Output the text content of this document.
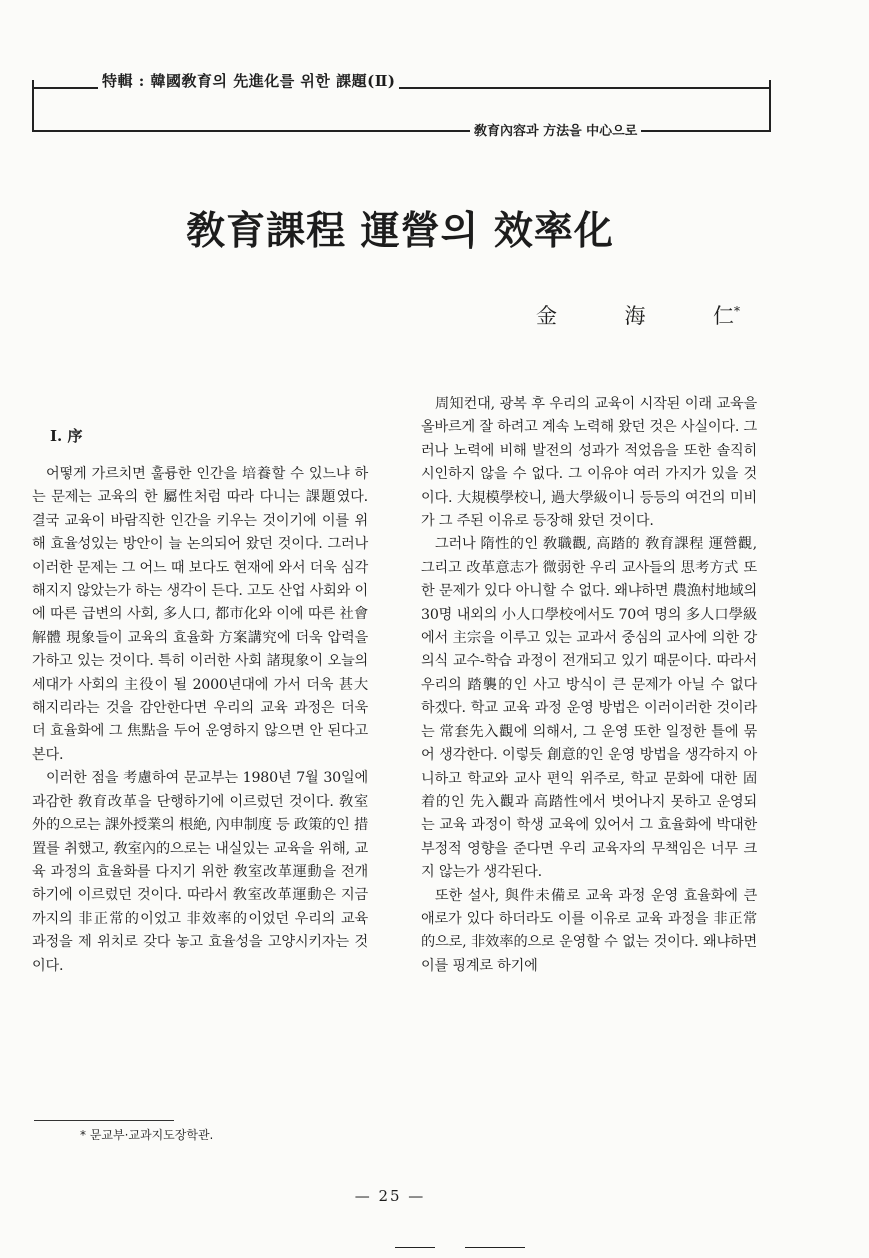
特輯 : 韓國敎育의 先進化를 위한 課題(Ⅱ)
敎育內容과 方法을 中心으로
敎育課程 運營의 效率化
金	海	仁*
Ⅰ. 序

어떻게 가르치면 훌륭한 인간을 培養할 수 있느냐 하는 문제는 교육의 한 屬性처럼 따라 다니는 課題였다. 결국 교육이 바람직한 인간을 키우는 것이기에 이를 위해 효율성있는 방안이 늘 논의되어 왔던 것이다. 그러나 이러한 문제는 그 어느 때 보다도 현재에 와서 더욱 심각해지지 않았는가 하는 생각이 든다. 고도 산업 사회와 이에 따른 급변의 사회, 多人口, 都市化와 이에 따른 社會解體 現象들이 교육의 효율화 方案講究에 더욱 압력을 가하고 있는 것이다. 특히 이러한 사회 諸現象이 오늘의 세대가 사회의 主役이 될 2000년대에 가서 더욱 甚大해지리라는 것을 감안한다면 우리의 교육 과정은 더욱 더 효율화에 그 焦點을 두어 운영하지 않으면 안 된다고 본다.

이러한 점을 考慮하여 문교부는 1980년 7월 30일에 과감한 敎育改革을 단행하기에 이르렀던 것이다. 敎室外的으로는 課外授業의 根絶, 內申制度 등 政策的인 措置를 취했고, 敎室內的으로는 내실있는 교육을 위해, 교육 과정의 효율화를 다지기 위한 敎室改革運動을 전개하기에 이르렀던 것이다. 따라서 敎室改革運動은 지금까지의 非正常的이었고 非效率的이었던 우리의 교육 과정을 제 위치로 갖다 놓고 효율성을 고양시키자는 것이다.

周知컨대, 광복 후 우리의 교육이 시작된 이래 교육을 올바르게 잘 하려고 계속 노력해 왔던 것은 사실이다. 그러나 노력에 비해 발전의 성과가 적었음을 또한 솔직히 시인하지 않을 수 없다. 그 이유야 여러 가지가 있을 것이다. 大規模學校니, 過大學級이니 등등의 여건의 미비가 그 주된 이유로 등장해 왔던 것이다.

그러나 隋性的인 敎職觀, 高踏的 敎育課程 運營觀, 그리고 改革意志가 微弱한 우리 교사들의 思考方式 또한 문제가 있다 아니할 수 없다. 왜냐하면 農漁村地域의 30명 내외의 小人口學校에서도 70여 명의 多人口學級에서 主宗을 이루고 있는 교과서 중심의 교사에 의한 강의식 교수-학습 과정이 전개되고 있기 때문이다. 따라서 우리의 踏襲的인 사고 방식이 큰 문제가 아닐 수 없다 하겠다. 학교 교육 과정 운영 방법은 이러이러한 것이라는 常套先入觀에 의해서, 그 운영 또한 일정한 틀에 묶어 생각한다. 이렇듯 創意的인 운영 방법을 생각하지 아니하고 학교와 교사 편익 위주로, 학교 문화에 대한 固着的인 先入觀과 高踏性에서 벗어나지 못하고 운영되는 교육 과정이 학생 교육에 있어서 그 효율화에 박대한 부정적 영향을 준다면 우리 교육자의 무책임은 너무 크지 않는가 생각된다.

또한 설사, 與件未備로 교육 과정 운영 효율화에 큰 애로가 있다 하더라도 이를 이유로 교육 과정을 非正常的으로, 非效率的으로 운영할 수 없는 것이다. 왜냐하면 이를 핑계로 하기에

* 문교부·교과지도장학관.
— 25 —
